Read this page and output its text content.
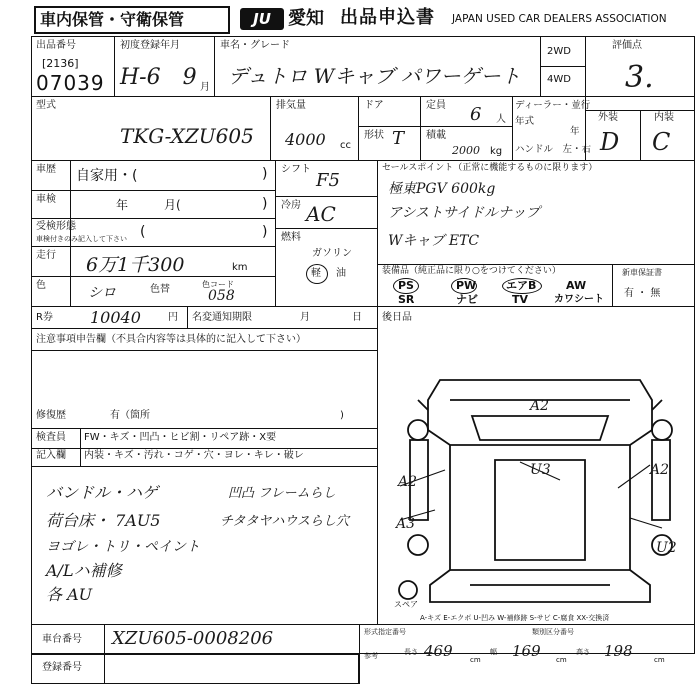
車内保管・守衛保管	JU 愛知 出品申込書 JAPAN USED CAR DEALERS ASSOCIATION
出品番号
[2136]
07039
初度登録年月
H-6　9 月
車名・グレード
デュトロ Wキャブ パワーゲート
2WD
4WD
評価点
3.
型式
TKG-XZU605
排気量
4000 cc
ドア	定員 6 人
形状 T 積載
2000 kg
ディーラー・並行
年式
年
ハンドル　左・右
外装	内装
D C
車歴 自家用・(	)
車検	年　　　月(	)
受検形態
車検付きのみ記入して下さい (	)
走行 6万1千300	km
色	シロ	色替	色コード
058
シフト
F5
冷房 AC
燃料
ガソリン
軽 油
セールスポイント（正常に機能するものに限ります）
極東PGV 600kg
アシストサイドルナップ
Wキャブ ETC
装備品（純正品に限り○をつけてください）
PS	PW	エアB	AW
SR	ナビ	TV	カワシート
新車保証書
有 ・ 無
R券 10040	円 名変通知期限	月	日 後日品
注意事項申告欄（不具合内容等は具体的に記入して下さい）
修復歴	有（箇所	)
検査員
記入欄
FW・キズ・凹凸・ヒビ割・リペア跡・X要
内装・キズ・汚れ・コゲ・穴・ヨレ・キレ・破レ
バンドル・ハゲ
荷台床・ 7AU5
ヨゴレ・トリ・ペイント
A/Lハ補修
各 AU
凹凸 フレームらし
チタタヤハウスらし穴
A2
A2
A2
A3
U3
U2
スペア
A-キズ E-エクボ U-凹み W-補修跡 S-サビ C-腐食 XX-交換済
車台番号 XZU605-0008206
登録番号
形式指定番号	類別区分番号
参考	長さ 469 cm
幅 169 cm
高さ 198	cm
